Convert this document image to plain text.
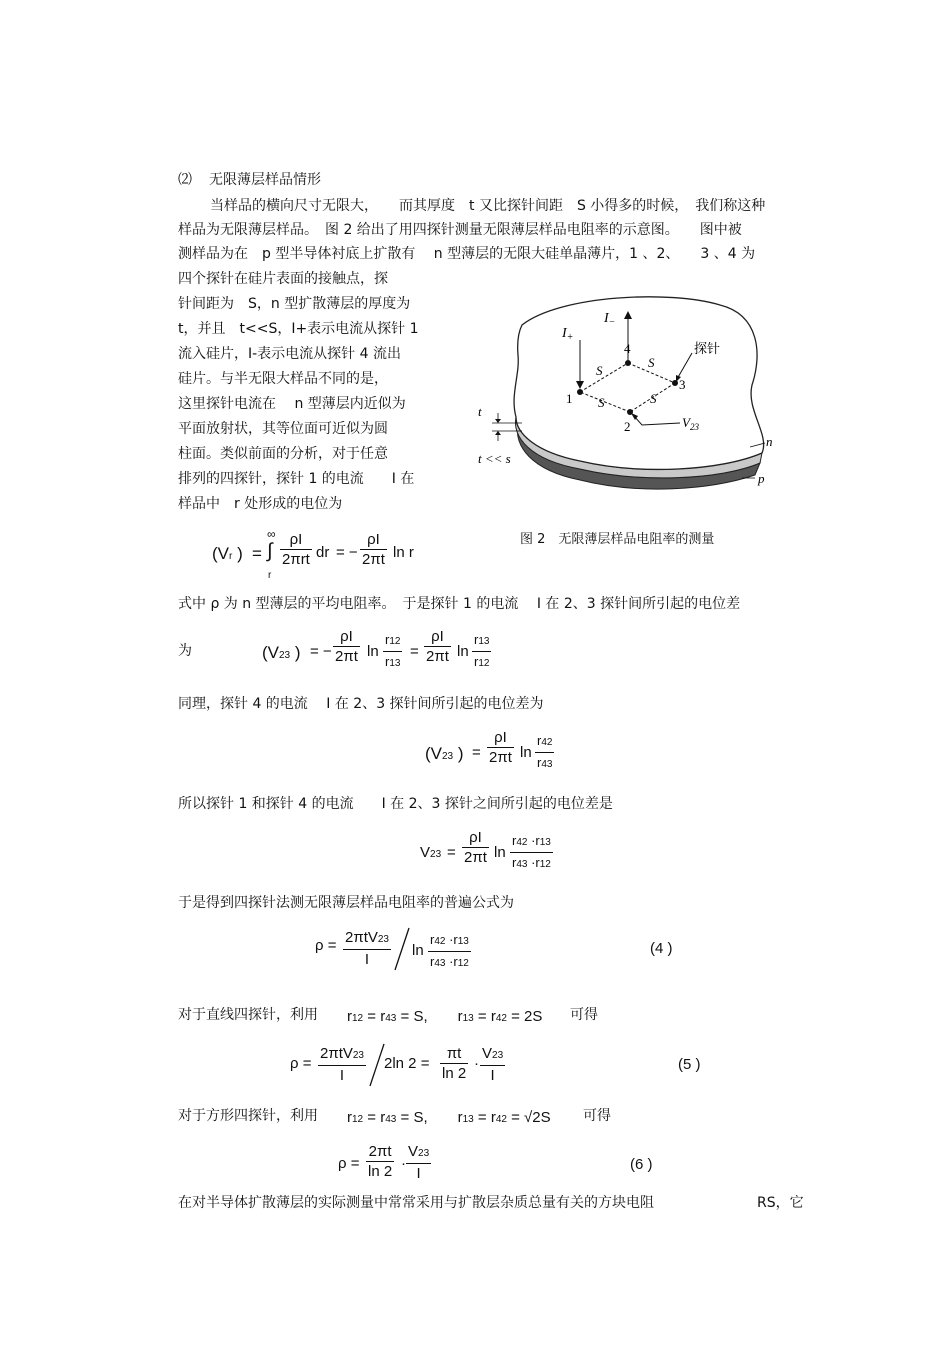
⑵ 无限薄层样品情形
当样品的横向尺寸无限大，　　而其厚度　t 又比探针间距　S 小得多的时候，　我们称这种
样品为无限薄层样品。　图 2 给出了用四探针测量无限薄层样品电阻率的示意图。　　图中被
测样品为在　p 型半导体衬底上扩散有　 n 型薄层的无限大硅单晶薄片，1 、2、　　3 、4 为
四个探针在硅片表面的接触点，探
针间距为　S，n 型扩散薄层的厚度为
t，并且　t<<S，I+表示电流从探针 1
流入硅片，I-表示电流从探针 4 流出
硅片。与半无限大样品不同的是，
这里探针电流在　 n 型薄层内近似为
平面放射状，其等位面可近似为圆
柱面。类似前面的分析，对于任意
排列的四探针，探针 1 的电流　　I 在
样品中　r 处形成的电位为
$I_+$
$I_-$
4
1
2
3
S
S
S
S
探针
$V_{23}$
t
t << s
n
p
图 2　无限薄层样品电阻率的测量
(Vr ) =
∞
∫
r
ρI
2πrt dr = − $\frac{\rho I}{2\pi t}$ ln r
式中 ρ 为 n 型薄层的平均电阻率。　于是探针 1 的电流　 I 在 2、3 探针间所引起的电位差
为	(V23 ) = − $\frac{\rho I}{2\pi t}$ $\ln \frac{r12}{r13} = \frac{\rho I}{2\pi t}$ $\ln \frac{r13}{r12}$
同理，探针 4 的电流　 I 在 2、3 探针间所引起的电位差为
(V23 ) = $\frac{\rho I}{2\pi t}$ $\ln \frac{r42}{r43}$
所以探针 1 和探针 4 的电流　　I 在 2、3 探针之间所引起的电位差是
$V23 = \frac{\rho I}{2\pi t}$ $\ln \frac{r42 \cdot r13}{r43 \cdot r12}$
于是得到四探针法测无限薄层样品电阻率的普遍公式为
ρ = 2πtV23
I
$\ln \frac{r42 \cdot r13}{r43 \cdot r12}$	(4 )
对于直线四探针，利用 r12 = r43 = S,　　r13 = r42 = 2S 可得
ρ =
2πtV23
I
2ln $2 = \frac{\pi t}{\ln 2} \cdot \frac{V23}{I}$	(5 )
对于方形四探针，利用 r12 = r43 = S,　　r13 = r42 = √2S 可得
$\rho = \frac{2\pi t}{\ln 2} \cdot \frac{V23}{I}$	(6 )
在对半导体扩散薄层的实际测量中常常采用与扩散层杂质总量有关的方块电阻	RS，它
